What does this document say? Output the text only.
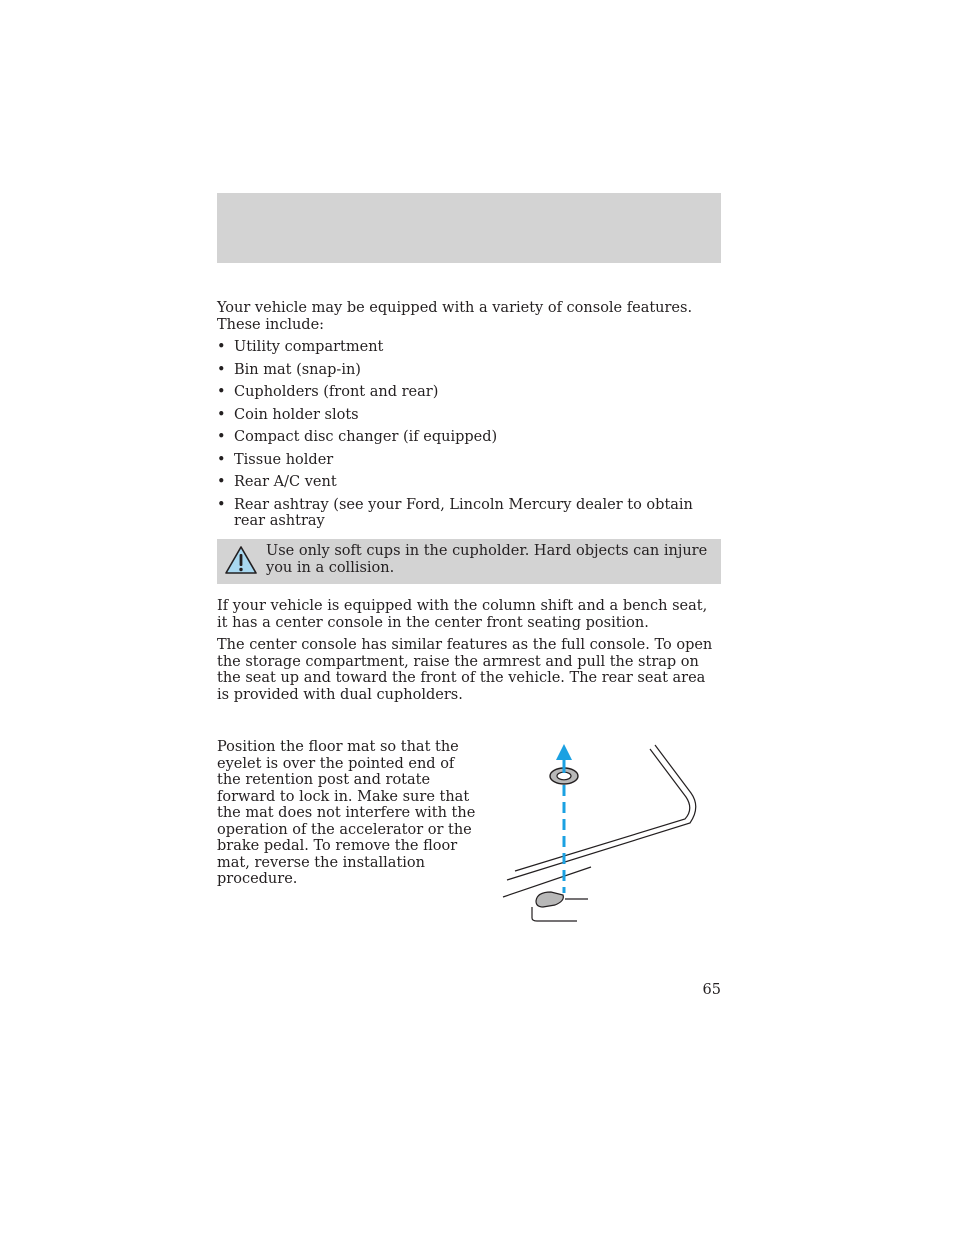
Your vehicle may be equipped with a variety of console features. These include:
• Utility compartment
• Bin mat (snap-in)
• Cupholders (front and rear)
• Coin holder slots
• Compact disc changer (if equipped)
• Tissue holder
• Rear A/C vent
• Rear ashtray (see your Ford, Lincoln Mercury dealer to obtain rear ashtray
Use only soft cups in the cupholder. Hard objects can injure you in a collision.
If your vehicle is equipped with the column shift and a bench seat, it has a center console in the center front seating position.
The center console has similar features as the full console. To open the storage compartment, raise the armrest and pull the strap on the seat up and toward the front of the vehicle. The rear seat area is provided with dual cupholders.
Position the floor mat so that the eyelet is over the pointed end of the retention post and rotate forward to lock in. Make sure that the mat does not interfere with the operation of the accelerator or the brake pedal. To remove the floor mat, reverse the installation procedure.
65
